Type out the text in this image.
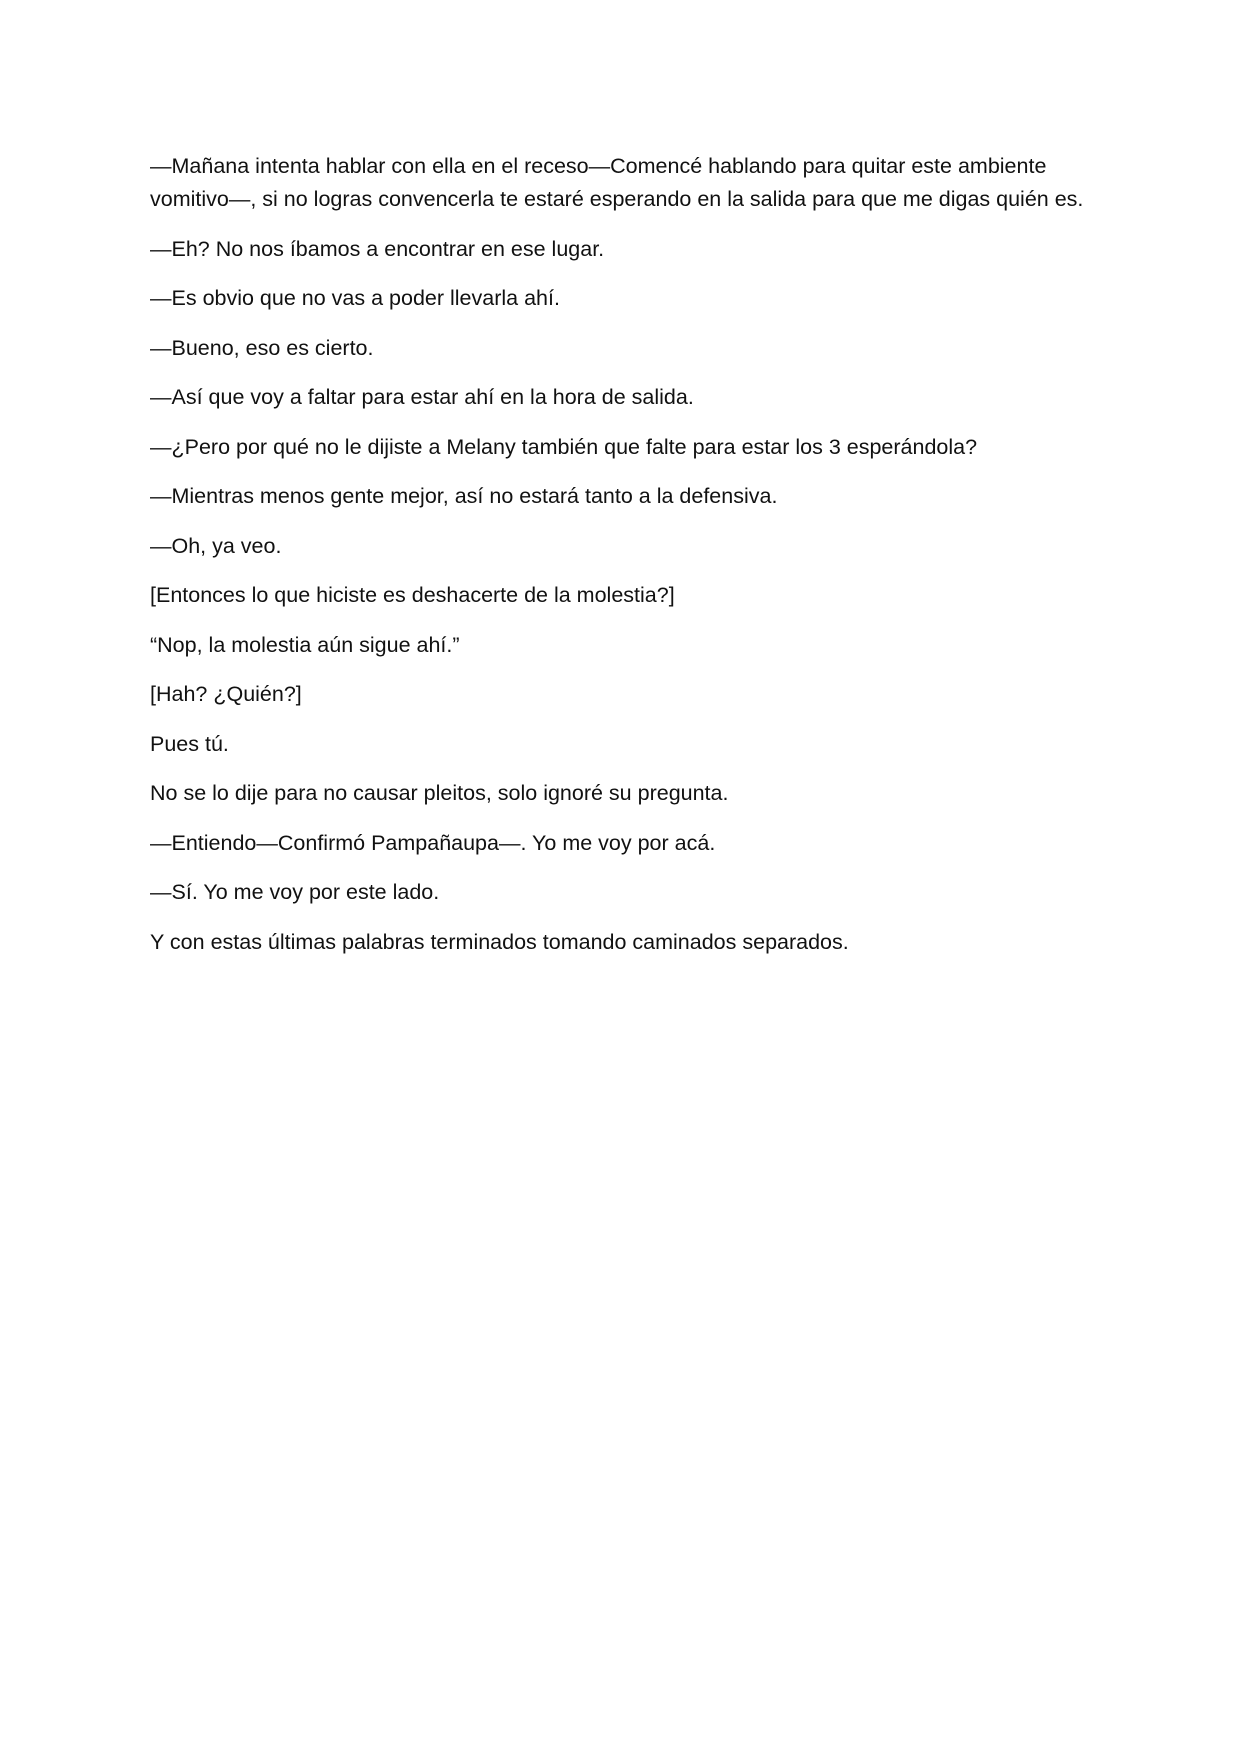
—Mañana intenta hablar con ella en el receso—Comencé hablando para quitar este ambiente vomitivo—, si no logras convencerla te estaré esperando en la salida para que me digas quién es.

—Eh? No nos íbamos a encontrar en ese lugar.

—Es obvio que no vas a poder llevarla ahí.

—Bueno, eso es cierto.

—Así que voy a faltar para estar ahí en la hora de salida.

—¿Pero por qué no le dijiste a Melany también que falte para estar los 3 esperándola?

—Mientras menos gente mejor, así no estará tanto a la defensiva.

—Oh, ya veo.

[Entonces lo que hiciste es deshacerte de la molestia?]

“Nop, la molestia aún sigue ahí.”

[Hah? ¿Quién?]

Pues tú.

No se lo dije para no causar pleitos, solo ignoré su pregunta.

—Entiendo—Confirmó Pampañaupa—. Yo me voy por acá.

—Sí. Yo me voy por este lado.

Y con estas últimas palabras terminados tomando caminados separados.
